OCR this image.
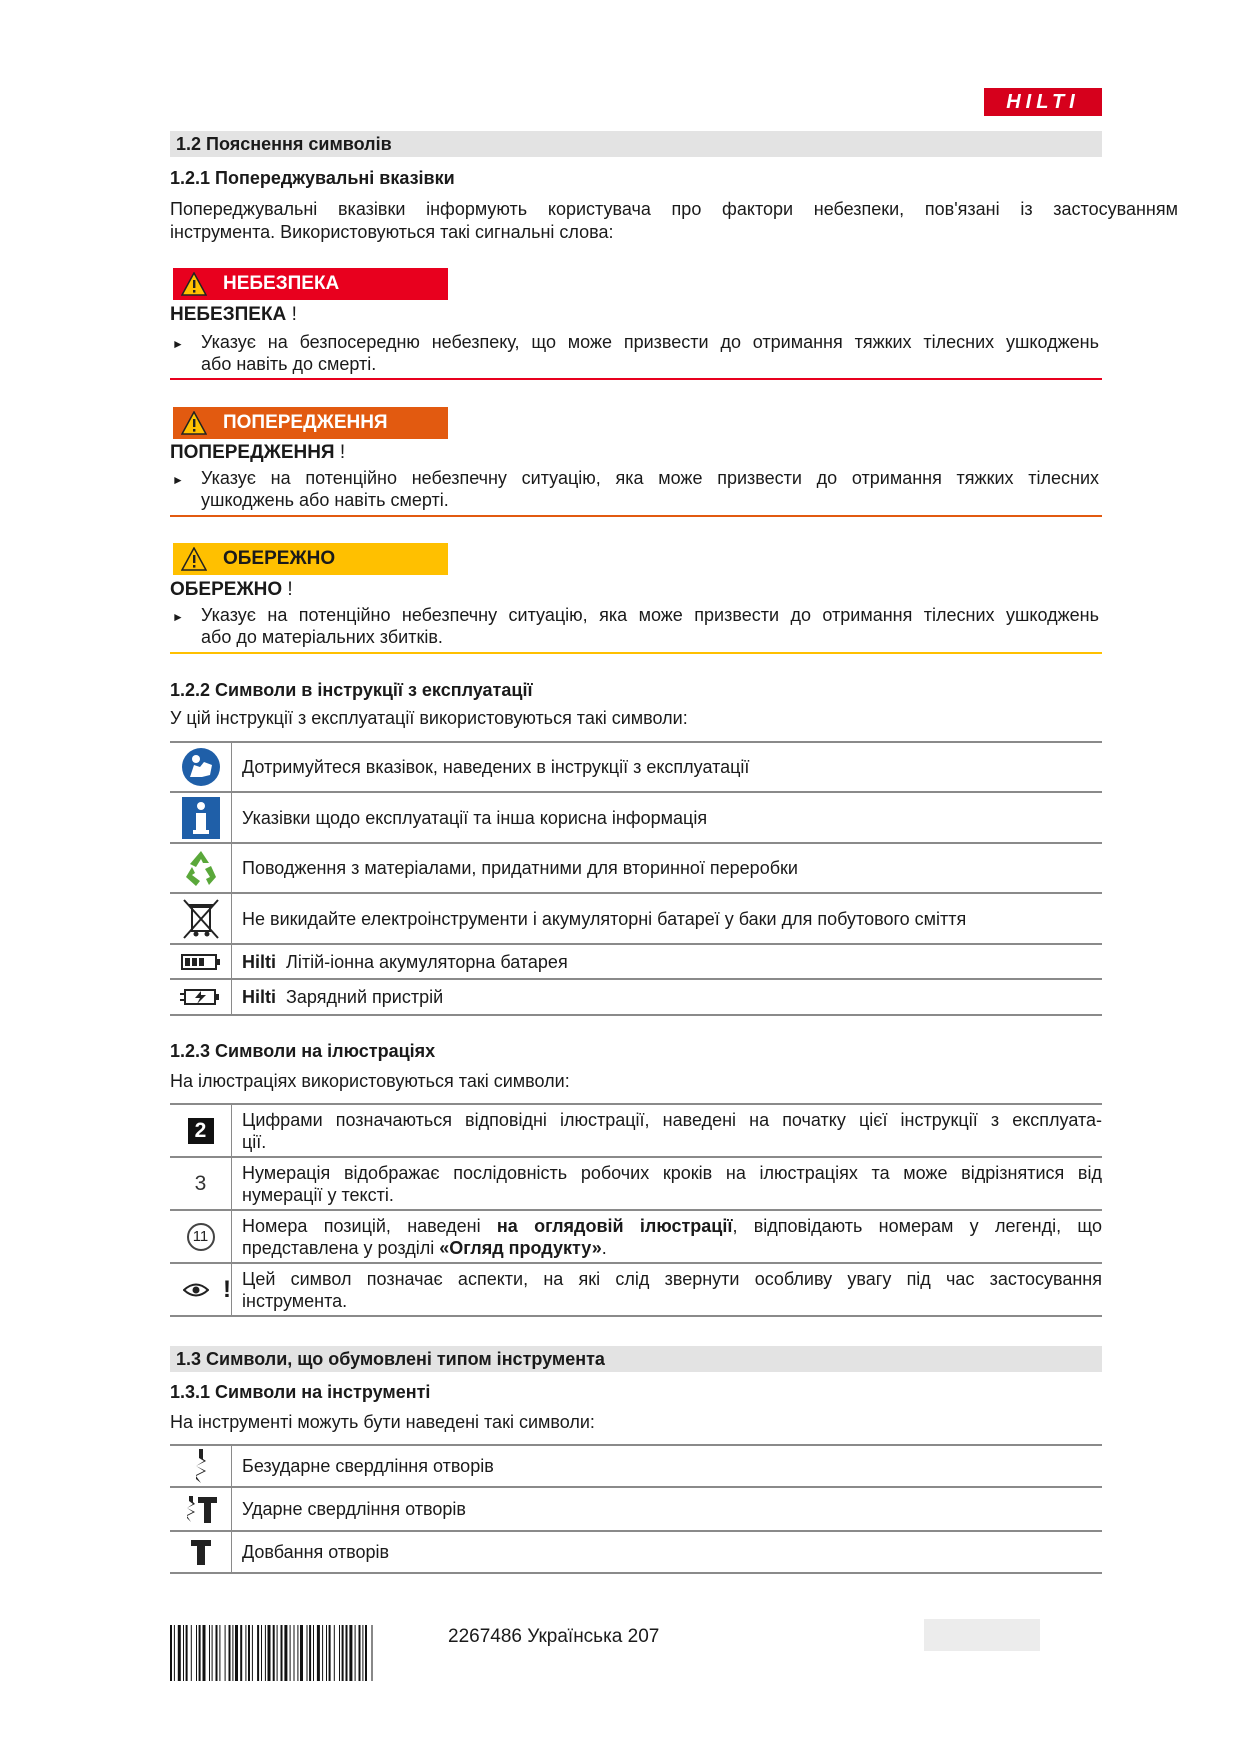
HILTI
1.2 Пояснення символів
1.2.1 Попереджувальні вказівки
Попереджувальні вказівки інформують користувача про фактори небезпеки, пов'язані із застосуванням
інструмента. Використовуються такі сигнальні слова:
НЕБЕЗПЕКА
НЕБЕЗПЕКА !
► Указує на безпосередню небезпеку, що може призвести до отримання тяжких тілесних ушкоджень
або навіть до смерті.
ПОПЕРЕДЖЕННЯ
ПОПЕРЕДЖЕННЯ !
► Указує на потенційно небезпечну ситуацію, яка може призвести до отримання тяжких тілесних
ушкоджень або навіть смерті.
ОБЕРЕЖНО
ОБЕРЕЖНО !
► Указує на потенційно небезпечну ситуацію, яка може призвести до отримання тілесних ушкоджень
або до матеріальних збитків.
1.2.2 Символи в інструкції з експлуатації
У цій інструкції з експлуатації використовуються такі символи:
	Дотримуйтеся вказівок, наведених в інструкції з експлуатації

	Указівки щодо експлуатації та інша корисна інформація

	Поводження з матеріалами, придатними для вторинної переробки

	Не викидайте електроінструменти і акумуляторні батареї у баки для побутового сміття

	Hilti Літій-іонна акумуляторна батарея

	Hilti Зарядний пристрій
1.2.3 Символи на ілюстраціях
На ілюстраціях використовуються такі символи:
2	Цифрами позначаються відповідні ілюстрації, наведені на початку цієї інструкції з експлуата-
ції.

3	Нумерація відображає послідовність робочих кроків на ілюстраціях та може відрізнятися від
нумерації у тексті.

11	Номера позицій, наведені на оглядовій ілюстрації, відповідають номерам у легенді, що
представлена у розділі «Огляд продукту».

!	Цей символ позначає аспекти, на які слід звернути особливу увагу під час застосування
інструмента.
1.3 Символи, що обумовлені типом інструмента
1.3.1 Символи на інструменті
На інструменті можуть бути наведені такі символи:
	Безударне свердління отворів

	Ударне свердління отворів

	Довбання отворів
2267486 Українська 207
